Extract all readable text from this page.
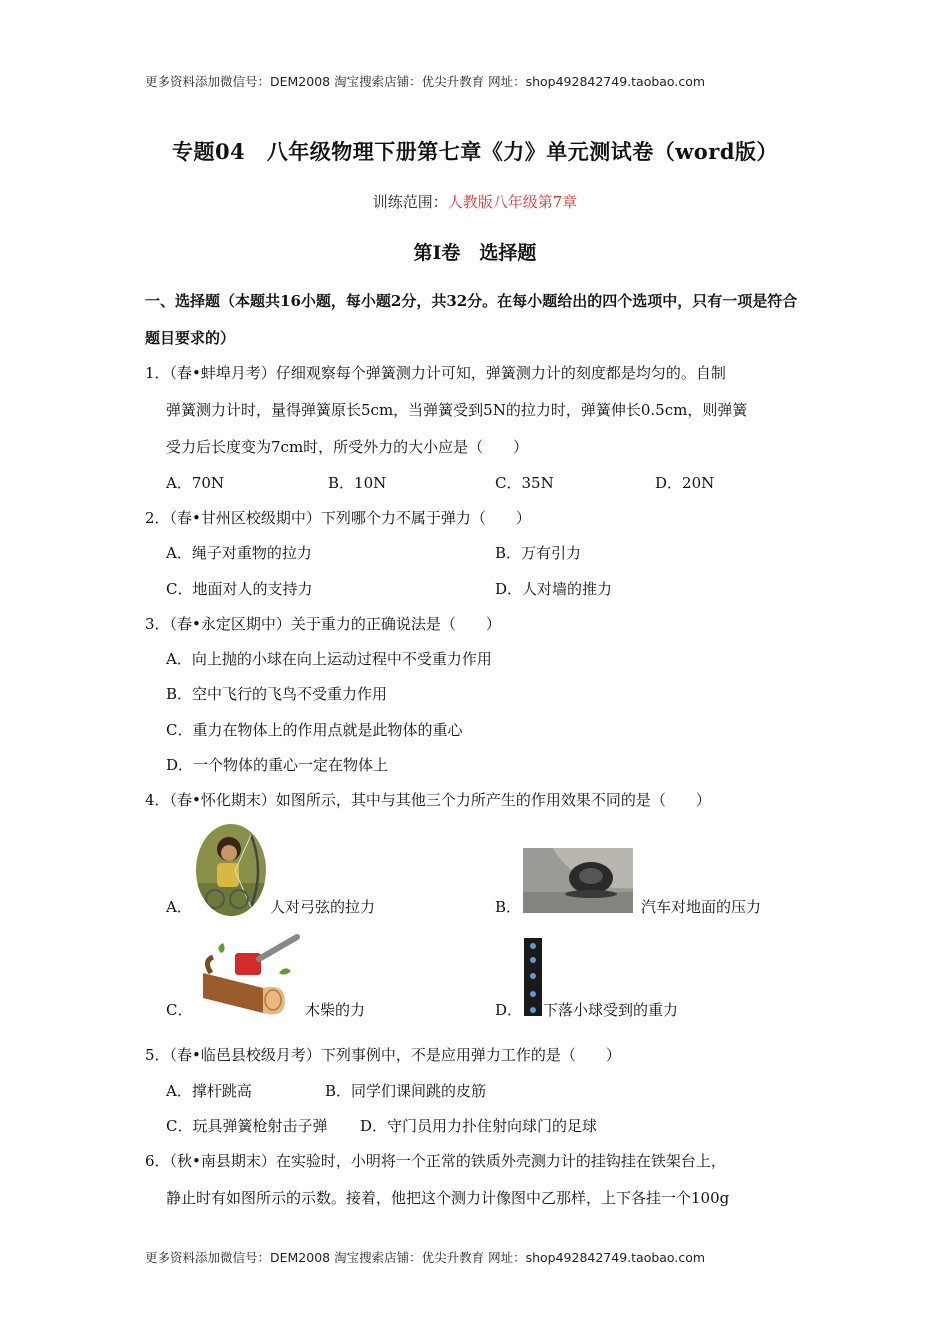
更多资料添加微信号：DEM2008 淘宝搜索店铺：优尖升教育 网址：shop492842749.taobao.com
专题04　八年级物理下册第七章《力》单元测试卷（word版）
训练范围：人教版八年级第7章
第Ⅰ卷　选择题
一、选择题（本题共16小题，每小题2分，共32分。在每小题给出的四个选项中，只有一项是符合题目要求的）
1．（春•蚌埠月考）仔细观察每个弹簧测力计可知，弹簧测力计的刻度都是均匀的。自制
弹簧测力计时，量得弹簧原长5cm，当弹簧受到5N的拉力时，弹簧伸长0.5cm，则弹簧
受力后长度变为7cm时，所受外力的大小应是（　　）
A．70N	B．10N	C．35N	D．20N
2．（春•甘州区校级期中）下列哪个力不属于弹力（　　）
A．绳子对重物的拉力	B．万有引力
C．地面对人的支持力	D．人对墙的推力
3．（春•永定区期中）关于重力的正确说法是（　　）
A．向上抛的小球在向上运动过程中不受重力作用
B．空中飞行的飞鸟不受重力作用
C．重力在物体上的作用点就是此物体的重心
D．一个物体的重心一定在物体上
4．（春•怀化期末）如图所示，其中与其他三个力所产生的作用效果不同的是（　　）
A．	人对弓弦的拉力	B．	汽车对地面的压力
C．	木柴的力	D． 下落小球受到的重力
5．（春•临邑县校级月考）下列事例中，不是应用弹力工作的是（　　）
A．撑杆跳高	B．同学们课间跳的皮筋
C．玩具弹簧枪射击子弹 D．守门员用力扑住射向球门的足球
6．（秋•南县期末）在实验时，小明将一个正常的铁质外壳测力计的挂钩挂在铁架台上，
静止时有如图所示的示数。接着，他把这个测力计像图中乙那样，上下各挂一个100g
更多资料添加微信号：DEM2008 淘宝搜索店铺：优尖升教育 网址：shop492842749.taobao.com
